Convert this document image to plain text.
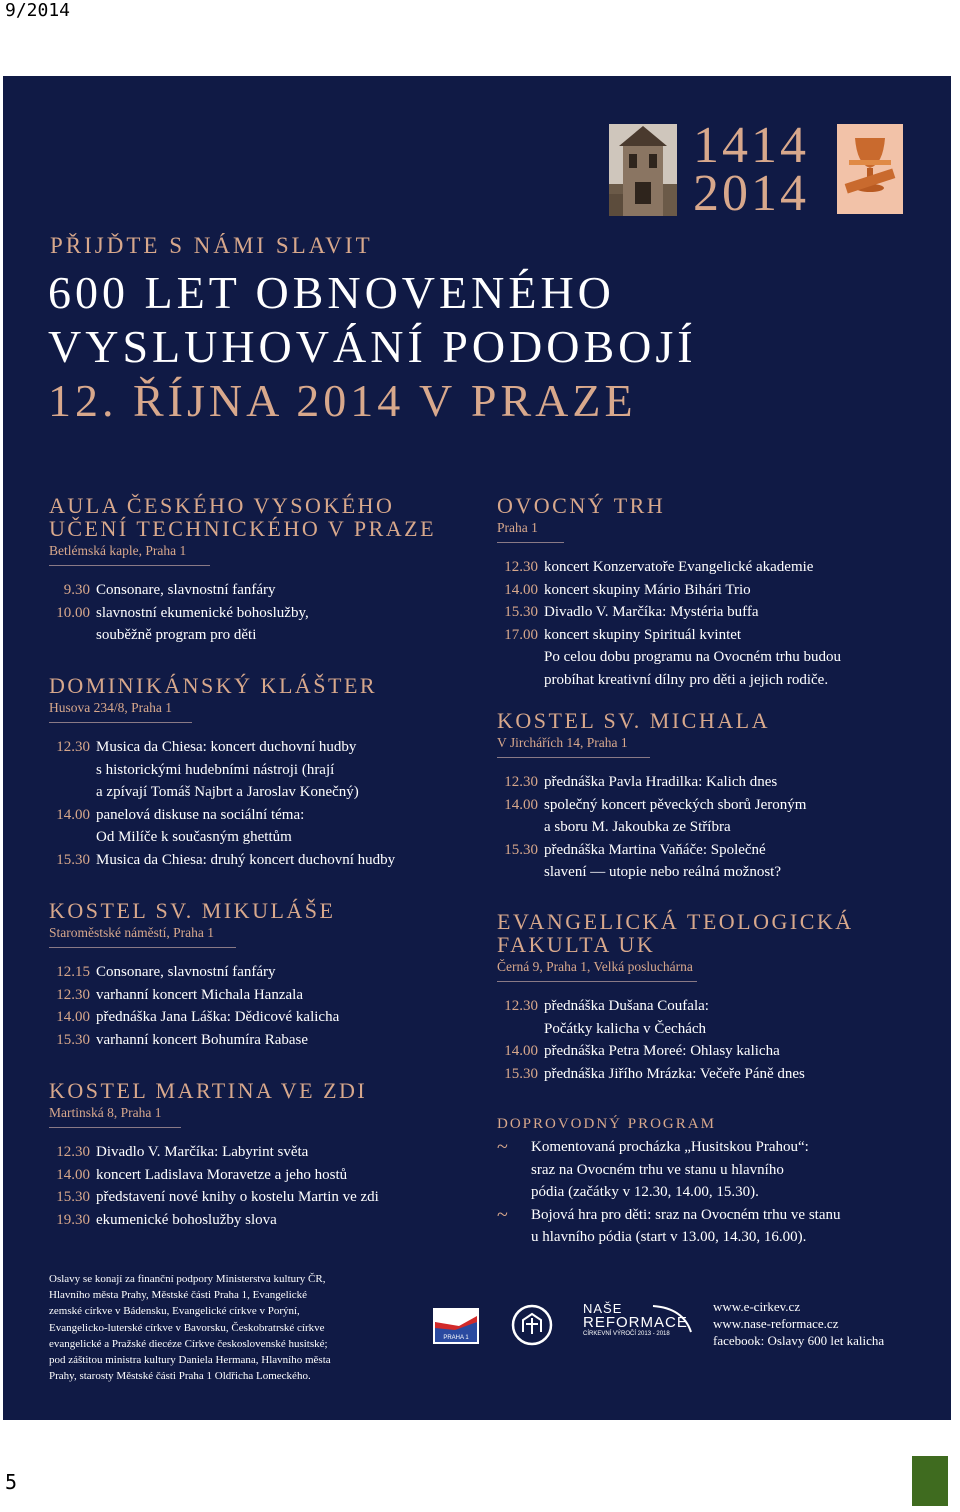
9/2014
1414
2014
PŘIJĎTE S NÁMI SLAVIT
600 LET OBNOVENÉHO
VYSLUHOVÁNÍ PODOBOJÍ
12. ŘÍJNA 2014 V PRAZE
AULA ČESKÉHO VYSOKÉHO
UČENÍ TECHNICKÉHO V PRAZE
Betlémská kaple, Praha 1
9.30 Consonare, slavnostní fanfáry
10.00 slavnostní ekumenické bohoslužby,
souběžně program pro děti
DOMINIKÁNSKÝ KLÁŠTER
Husova 234/8, Praha 1
12.30 Musica da Chiesa: koncert duchovní hudby
s historickými hudebními nástroji (hrají
a zpívají Tomáš Najbrt a Jaroslav Konečný)
14.00 panelová diskuse na sociální téma:
Od Milíče k současným ghettům
15.30 Musica da Chiesa: druhý koncert duchovní hudby
KOSTEL SV. MIKULÁŠE
Staroměstské náměstí, Praha 1
12.15 Consonare, slavnostní fanfáry
12.30 varhanní koncert Michala Hanzala
14.00 přednáška Jana Láška: Dědicové kalicha
15.30 varhanní koncert Bohumíra Rabase
KOSTEL MARTINA VE ZDI
Martinská 8, Praha 1
12.30 Divadlo V. Marčíka: Labyrint světa
14.00 koncert Ladislava Moravetze a jeho hostů
15.30 představení nové knihy o kostelu Martin ve zdi
19.30 ekumenické bohoslužby slova
OVOCNÝ TRH
Praha 1
12.30 koncert Konzervatoře Evangelické akademie
14.00 koncert skupiny Mário Bihári Trio
15.30 Divadlo V. Marčíka: Mystéria buffa
17.00 koncert skupiny Spirituál kvintet
Po celou dobu programu na Ovocném trhu budou
probíhat kreativní dílny pro děti a jejich rodiče.
KOSTEL SV. MICHALA
V Jirchářích 14, Praha 1
12.30 přednáška Pavla Hradilka: Kalich dnes
14.00 společný koncert pěveckých sborů Jeroným
a sboru M. Jakoubka ze Stříbra
15.30 přednáška Martina Vaňáče: Společné
slavení — utopie nebo reálná možnost?
EVANGELICKÁ TEOLOGICKÁ
FAKULTA UK
Černá 9, Praha 1, Velká posluchárna
12.30 přednáška Dušana Coufala:
Počátky kalicha v Čechách
14.00 přednáška Petra Moreé: Ohlasy kalicha
15.30 přednáška Jiřího Mrázka: Večeře Páně dnes
DOPROVODNÝ PROGRAM
~	Komentovaná procházka „Husitskou Prahou“:
sraz na Ovocném trhu ve stanu u hlavního
pódia (začátky v 12.30, 14.00, 15.30).
~	Bojová hra pro děti: sraz na Ovocném trhu ve stanu
u hlavního pódia (start v 13.00, 14.30, 16.00).
Oslavy se konají za finanční podpory Ministerstva kultury ČR,
Hlavního města Prahy, Městské části Praha 1, Evangelické
zemské církve v Bádensku, Evangelické církve v Porýní,
Evangelicko-luterské církve v Bavorsku, Českobratrské církve
evangelické a Pražské diecéze Církve československé husitské;
pod záštitou ministra kultury Daniela Hermana, Hlavního města
Prahy, starosty Městské části Praha 1 Oldřicha Lomeckého.
PRAHA 1
NAŠE
REFORMACE
CÍRKEVNÍ VÝROČÍ 2013 - 2018
www.e-cirkev.cz
www.nase-reformace.cz
facebook: Oslavy 600 let kalicha
5
